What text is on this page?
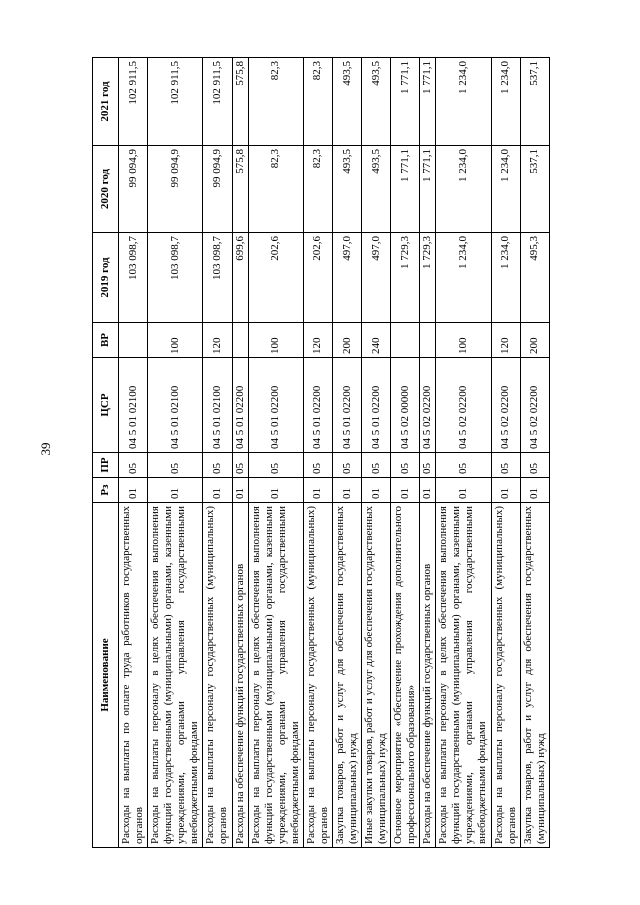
39
Наименование	Рз	ПР	ЦСР	ВР	2019 год	2020 год	2021 год
Расходы на выплаты по оплате труда работников государственных органов	01	05	04 5 01 02100		103 098,7	99 094,9	102 911,5
Расходы на выплаты персоналу в целях обеспечения выполнения функций государственными (муниципальными) органами, казенными учреждениями, органами управления государственными внебюджетными фондами	01	05	04 5 01 02100	100	103 098,7	99 094,9	102 911,5
Расходы на выплаты персоналу государственных (муниципальных) органов	01	05	04 5 01 02100	120	103 098,7	99 094,9	102 911,5
Расходы на обеспечение функций государственных органов	01	05	04 5 01 02200		699,6	575,8	575,8
Расходы на выплаты персоналу в целях обеспечения выполнения функций государственными (муниципальными) органами, казенными учреждениями, органами управления государственными внебюджетными фондами	01	05	04 5 01 02200	100	202,6	82,3	82,3
Расходы на выплаты персоналу государственных (муниципальных) органов	01	05	04 5 01 02200	120	202,6	82,3	82,3
Закупка товаров, работ и услуг для обеспечения государственных (муниципальных) нужд	01	05	04 5 01 02200	200	497,0	493,5	493,5
Иные закупки товаров, работ и услуг для обеспечения государственных (муниципальных) нужд	01	05	04 5 01 02200	240	497,0	493,5	493,5
Основное мероприятие «Обеспечение прохождения дополнительного профессионального образования»	01	05	04 5 02 00000		1 729,3	1 771,1	1 771,1
Расходы на обеспечение функций государственных органов	01	05	04 5 02 02200		1 729,3	1 771,1	1 771,1
Расходы на выплаты персоналу в целях обеспечения выполнения функций государственными (муниципальными) органами, казенными учреждениями, органами управления государственными внебюджетными фондами	01	05	04 5 02 02200	100	1 234,0	1 234,0	1 234,0
Расходы на выплаты персоналу государственных (муниципальных) органов	01	05	04 5 02 02200	120	1 234,0	1 234,0	1 234,0
Закупка товаров, работ и услуг для обеспечения государственных (муниципальных) нужд	01	05	04 5 02 02200	200	495,3	537,1	537,1
